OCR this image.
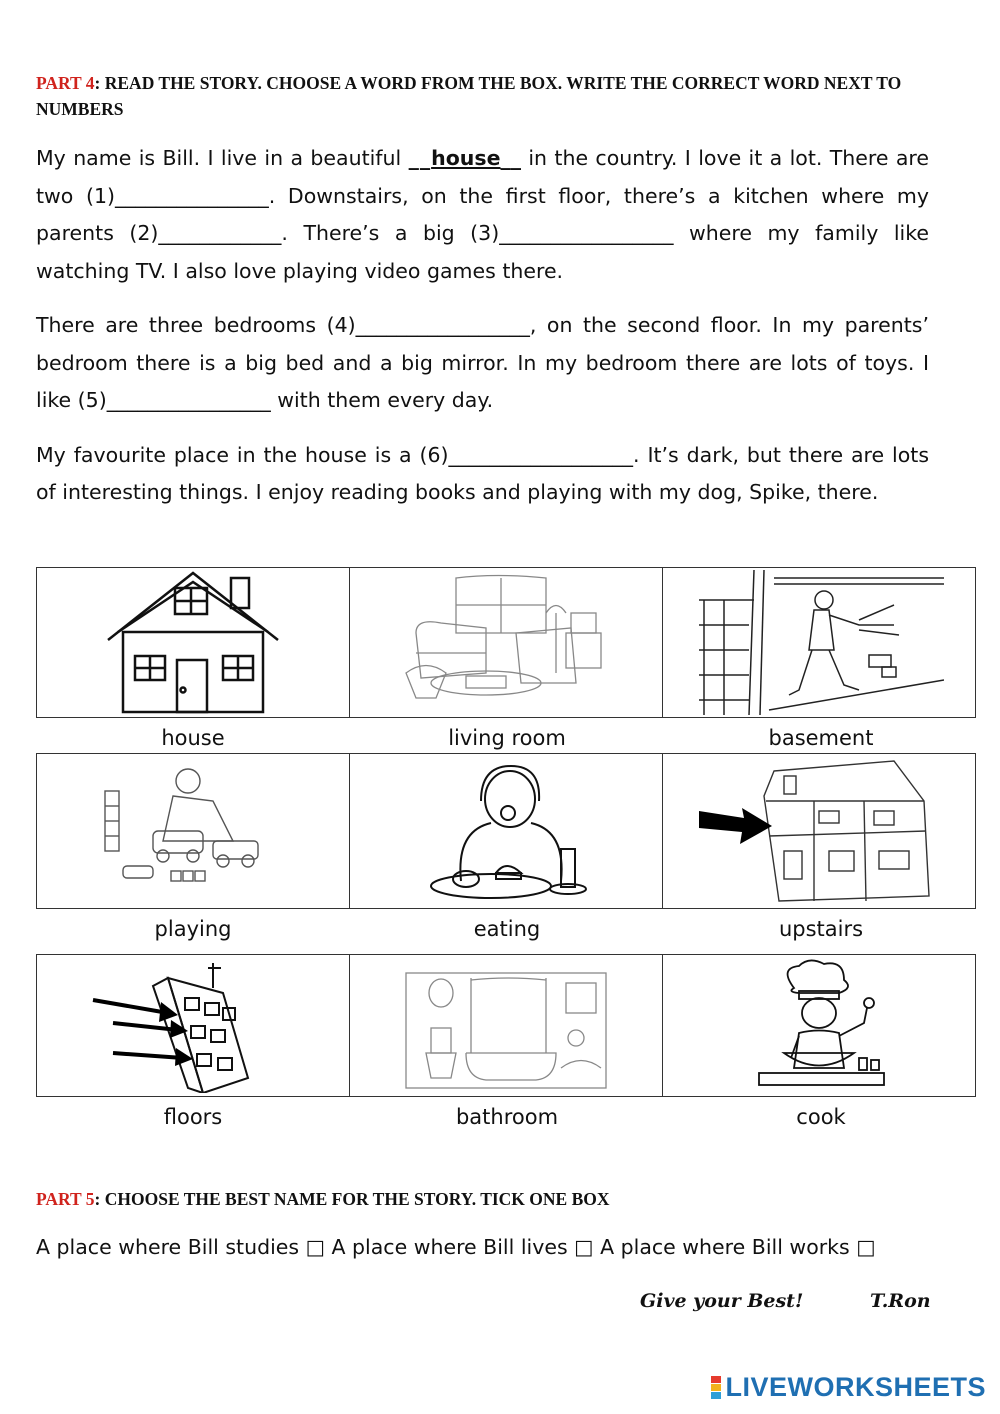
PART 4: READ THE STORY. CHOOSE A WORD FROM THE BOX. WRITE THE CORRECT WORD NEXT TO NUMBERS

My name is Bill. I live in a beautiful __house__ in the country. I love it a lot. There are two (1)_______________. Downstairs, on the first floor, there’s a kitchen where my parents (2)____________. There’s a big (3)_________________ where my family like watching TV. I also love playing video games there.

There are three bedrooms (4)_________________, on the second floor. In my parents’ bedroom there is a big bed and a big mirror. In my bedroom there are lots of toys. I like (5)________________ with them every day.

My favourite place in the house is a (6)__________________. It’s dark, but there are lots of interesting things. I enjoy reading books and playing with my dog, Spike, there.

house	living room	basement
playing	eating	upstairs
floors	bathroom	cook
PART 5: CHOOSE THE BEST NAME FOR THE STORY. TICK ONE BOX
A place where Bill studies □ A place where Bill lives □ A place where Bill works □
Give your Best!	T.Ron
LIVEWORKSHEETS
